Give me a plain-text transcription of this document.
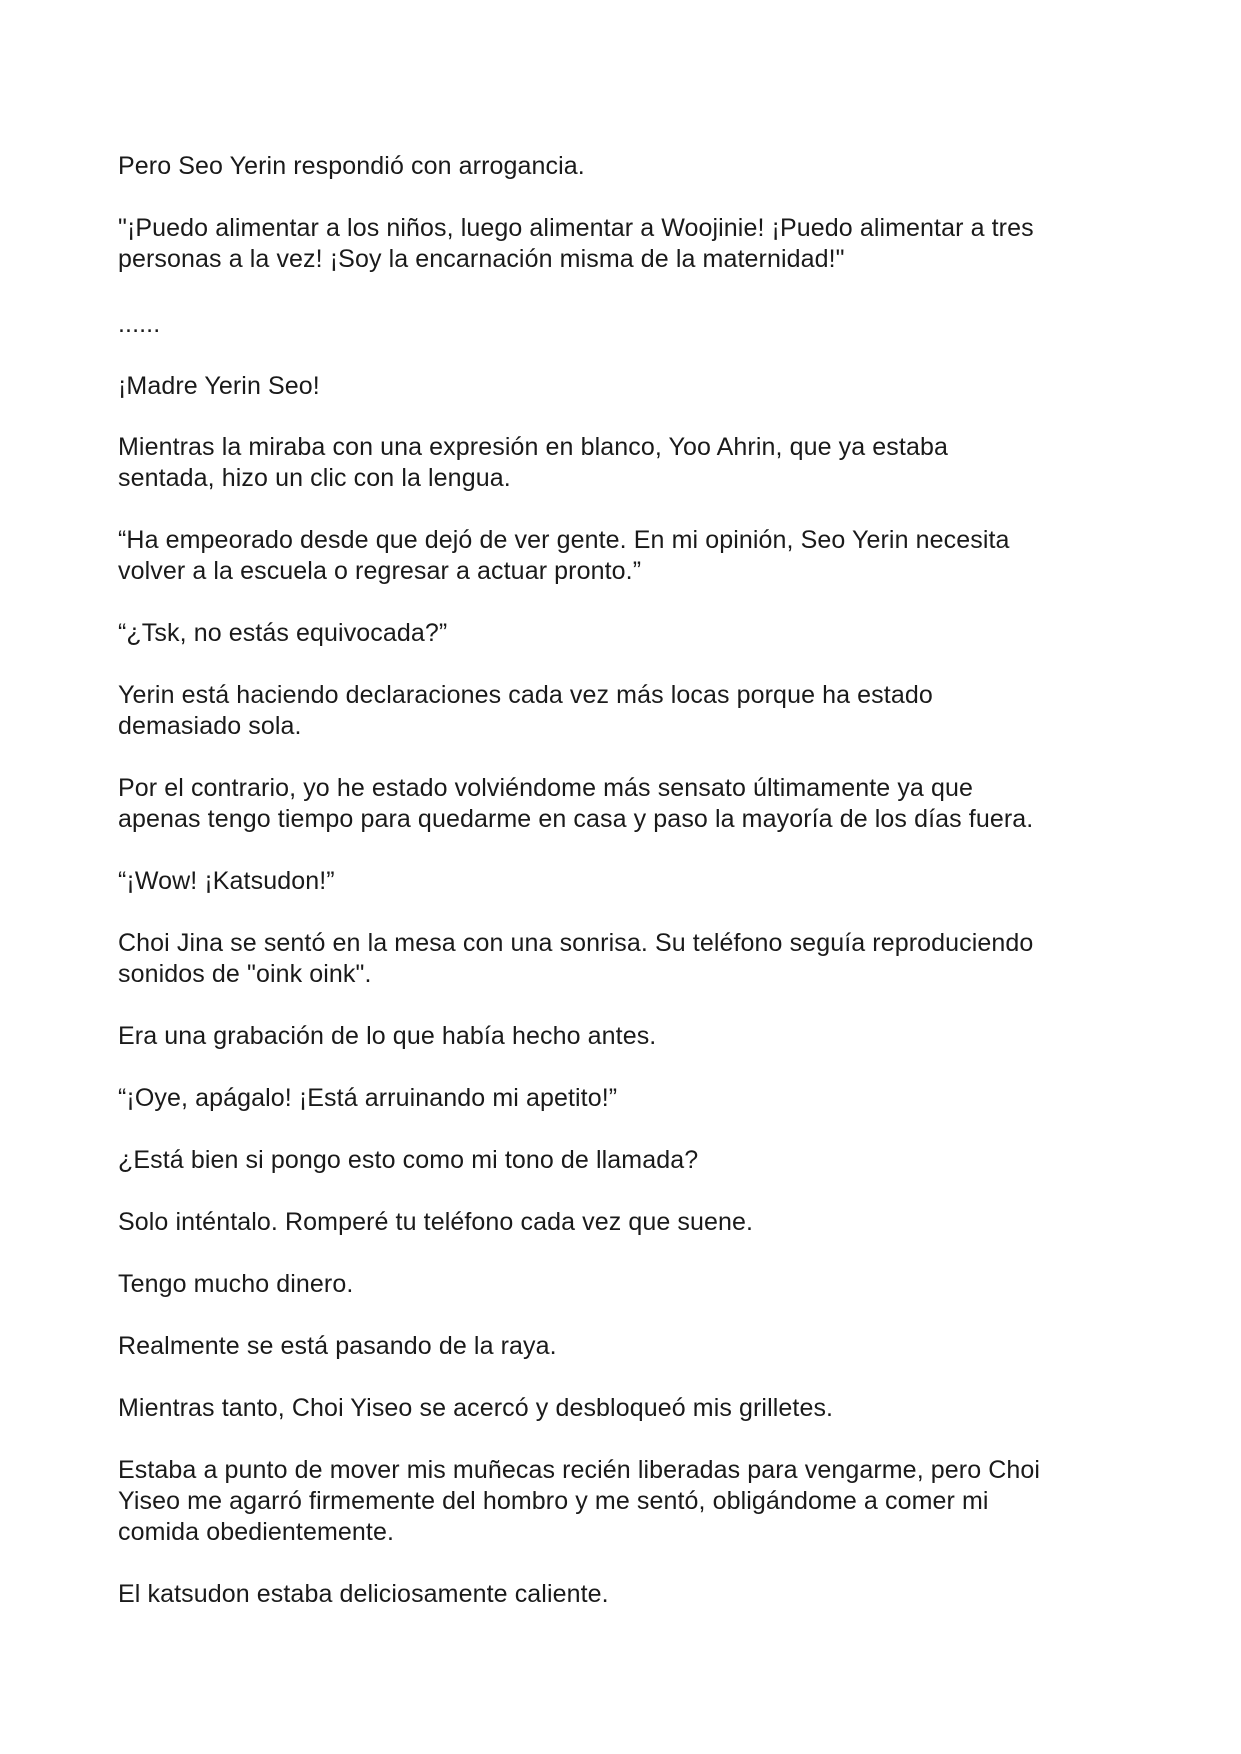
Pero Seo Yerin respondió con arrogancia.

"¡Puedo alimentar a los niños, luego alimentar a Woojinie! ¡Puedo alimentar a tres
personas a la vez! ¡Soy la encarnación misma de la maternidad!"

......

¡Madre Yerin Seo!

Mientras la miraba con una expresión en blanco, Yoo Ahrin, que ya estaba
sentada, hizo un clic con la lengua.

“Ha empeorado desde que dejó de ver gente. En mi opinión, Seo Yerin necesita
volver a la escuela o regresar a actuar pronto.”

“¿Tsk, no estás equivocada?”

Yerin está haciendo declaraciones cada vez más locas porque ha estado
demasiado sola.

Por el contrario, yo he estado volviéndome más sensato últimamente ya que
apenas tengo tiempo para quedarme en casa y paso la mayoría de los días fuera.

“¡Wow! ¡Katsudon!”

Choi Jina se sentó en la mesa con una sonrisa. Su teléfono seguía reproduciendo
sonidos de "oink oink".

Era una grabación de lo que había hecho antes.

“¡Oye, apágalo! ¡Está arruinando mi apetito!”

¿Está bien si pongo esto como mi tono de llamada?

Solo inténtalo. Romperé tu teléfono cada vez que suene.

Tengo mucho dinero.

Realmente se está pasando de la raya.

Mientras tanto, Choi Yiseo se acercó y desbloqueó mis grilletes.

Estaba a punto de mover mis muñecas recién liberadas para vengarme, pero Choi
Yiseo me agarró firmemente del hombro y me sentó, obligándome a comer mi
comida obedientemente.

El katsudon estaba deliciosamente caliente.
